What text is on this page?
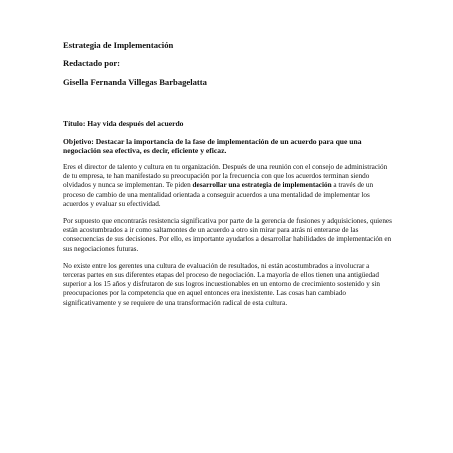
Estrategia de Implementación

Redactado por:

Gisella Fernanda Villegas Barbagelatta

Título: Hay vida después del acuerdo

Objetivo: Destacar la importancia de la fase de implementación de un acuerdo para que una negociación sea efectiva, es decir, eficiente y eficaz.

Eres el director de talento y cultura en tu organización. Después de una reunión con el consejo de administración de tu empresa, te han manifestado su preocupación por la frecuencia con que los acuerdos terminan siendo olvidados y nunca se implementan. Te piden desarrollar una estrategia de implementación a través de un proceso de cambio de una mentalidad orientada a conseguir acuerdos a una mentalidad de implementar los acuerdos y evaluar su efectividad.

Por supuesto que encontrarás resistencia significativa por parte de la gerencia de fusiones y adquisiciones, quienes están acostumbrados a ir como saltamontes de un acuerdo a otro sin mirar para atrás ni enterarse de las consecuencias de sus decisiones. Por ello, es importante ayudarlos a desarrollar habilidades de implementación en sus negociaciones futuras.

No existe entre los gerentes una cultura de evaluación de resultados, ni están acostumbrados a involucrar a terceras partes en sus diferentes etapas del proceso de negociación. La mayoría de ellos tienen una antigüedad superior a los 15 años y disfrutaron de sus logros incuestionables en un entorno de crecimiento sostenido y sin preocupaciones por la competencia que en aquel entonces era inexistente. Las cosas han cambiado significativamente y se requiere de una transformación radical de esta cultura.
